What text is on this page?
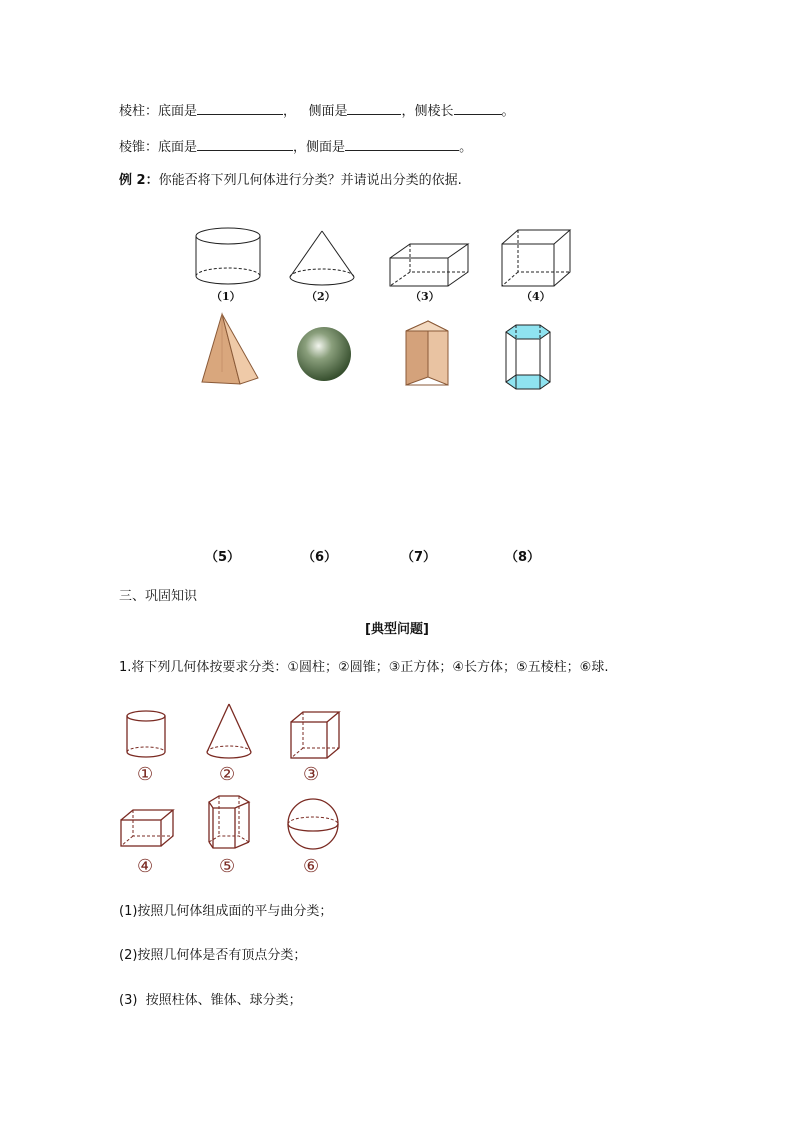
棱柱：底面是	， 侧面是	，侧棱长	。
棱锥：底面是	，侧面是	。
例 2：你能否将下列几何体进行分类？并请说出分类的依据.
（1）	（2）	（3）	（4）
（5）	（6）	（7）	（8）
三、巩固知识
[典型问题]
1.将下列几何体按要求分类：①圆柱；②圆锥；③正方体；④长方体；⑤五棱柱；⑥球.
①	②	③
④	⑤	⑥
(1)按照几何体组成面的平与曲分类；
(2)按照几何体是否有顶点分类；
(3)  按照柱体、锥体、球分类；
